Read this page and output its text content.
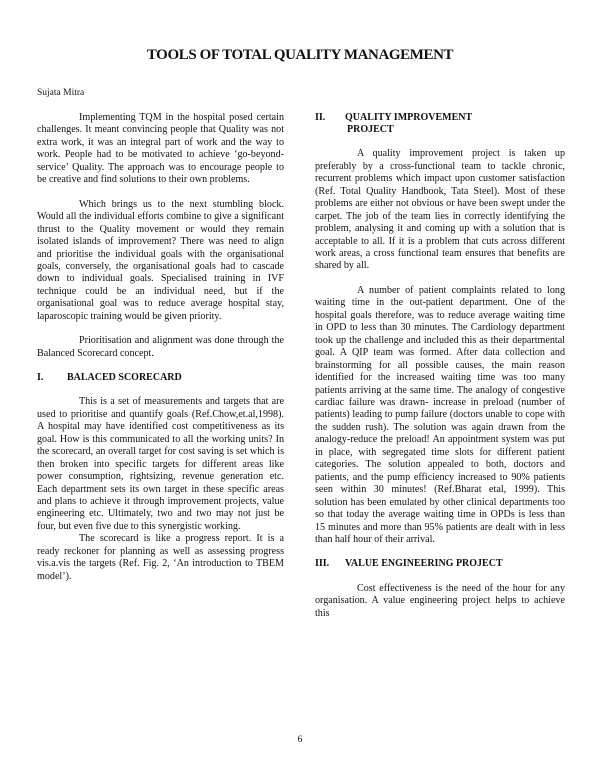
TOOLS OF TOTAL QUALITY MANAGEMENT
Sujata Mitra

Implementing TQM in the hospital posed certain challenges. It meant convincing people that Quality was not extra work, it was an integral part of work and the way to work. People had to be motivated to achieve ‘go-beyond-service’ Quality. The approach was to encourage people to be creative and find solutions to their own problems.

Which brings us to the next stumbling block. Would all the individual efforts combine to give a significant thrust to the Quality movement or would they remain isolated islands of improvement? There was need to align and prioritise the individual goals with the organisational goals, conversely, the organisational goals had to cascade down to individual goals. Specialised training in IVF technique could be an individual need, but if the organisational goal was to reduce average hospital stay, laparoscopic training would be given priority.

Prioritisation and alignment was done through the Balanced Scorecard concept.

I. BALACED SCORECARD

This is a set of measurements and targets that are used to prioritise and quantify goals (Ref.Chow,et.al,1998). A hospital may have identified cost competitiveness as its goal. How is this communicated to all the working units? In the scorecard, an overall target for cost saving is set which is then broken into specific targets for different areas like power consumption, rightsizing, revenue generation etc. Each department sets its own target in these specific areas and plans to achieve it through improvement projects, value engineering etc. Ultimately, two and two may not just be four, but even five due to this synergistic working.

The scorecard is like a progress report. It is a ready reckoner for planning as well as assessing progress vis.a.vis the targets (Ref. Fig. 2, ‘An introduction to TBEM model’).

II. QUALITY IMPROVEMENT
PROJECT

A quality improvement project is taken up preferably by a cross-functional team to tackle chronic, recurrent problems which impact upon customer satisfaction (Ref. Total Quality Handbook, Tata Steel). Most of these problems are either not obvious or have been swept under the carpet. The job of the team lies in correctly identifying the problem, analysing it and coming up with a solution that is acceptable to all. If it is a problem that cuts across different work areas, a cross functional team ensures that benefits are shared by all.

A number of patient complaints related to long waiting time in the out-patient department. One of the hospital goals therefore, was to reduce average waiting time in OPD to less than 30 minutes. The Cardiology department took up the challenge and included this as their departmental goal. A QIP team was formed. After data collection and brainstorming for all possible causes, the main reason identified for the increased waiting time was too many patients arriving at the same time. The analogy of congestive cardiac failure was drawn- increase in preload (number of patients) leading to pump failure (doctors unable to cope with the sudden rush). The solution was again drawn from the analogy-reduce the preload! An appointment system was put in place, with segregated time slots for different patient categories. The solution appealed to both, doctors and patients, and the pump efficiency increased to 90% patients seen within 30 minutes! (Ref.Bharat etal, 1999). This solution has been emulated by other clinical departments too so that today the average waiting time in OPDs is less than 15 minutes and more than 95% patients are dealt with in less than half hour of their arrival.

III. VALUE ENGINEERING PROJECT

Cost effectiveness is the need of the hour for any organisation. A value engineering project helps to achieve this

6
